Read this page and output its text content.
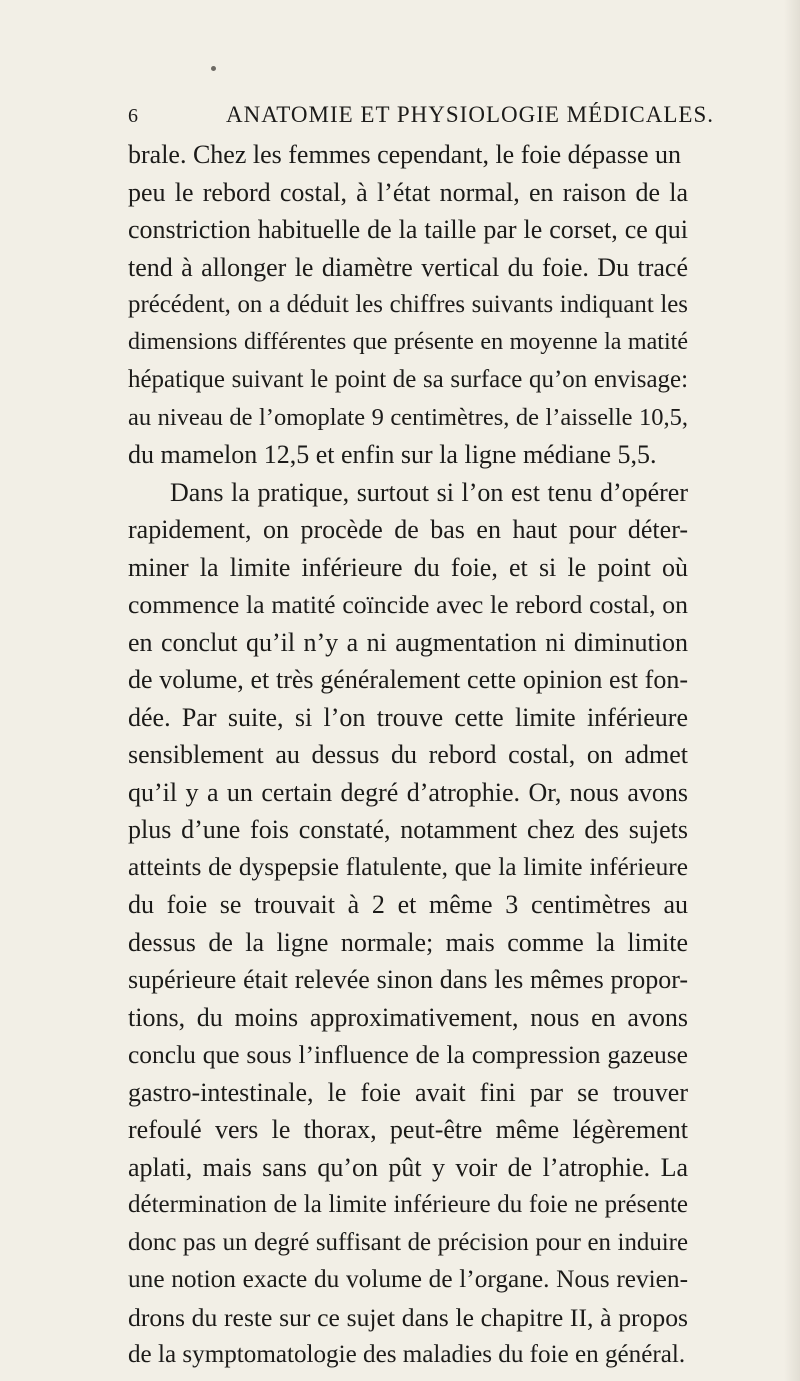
6	ANATOMIE ET PHYSIOLOGIE MÉDICALES.
brale. Chez les femmes cependant, le foie dépasse un
peu le rebord costal, à l’état normal, en raison de la
constriction habituelle de la taille par le corset, ce qui
tend à allonger le diamètre vertical du foie. Du tracé
précédent, on a déduit les chiffres suivants indiquant les
dimensions différentes que présente en moyenne la matité
hépatique suivant le point de sa surface qu’on envisage:
au niveau de l’omoplate 9 centimètres, de l’aisselle 10,5,
du mamelon 12,5 et enfin sur la ligne médiane 5,5.
Dans la pratique, surtout si l’on est tenu d’opérer
rapidement, on procède de bas en haut pour déter-
miner la limite inférieure du foie, et si le point où
commence la matité coïncide avec le rebord costal, on
en conclut qu’il n’y a ni augmentation ni diminution
de volume, et très généralement cette opinion est fon-
dée. Par suite, si l’on trouve cette limite inférieure
sensiblement au dessus du rebord costal, on admet
qu’il y a un certain degré d’atrophie. Or, nous avons
plus d’une fois constaté, notamment chez des sujets
atteints de dyspepsie flatulente, que la limite inférieure
du foie se trouvait à 2 et même 3 centimètres au
dessus de la ligne normale; mais comme la limite
supérieure était relevée sinon dans les mêmes propor-
tions, du moins approximativement, nous en avons
conclu que sous l’influence de la compression gazeuse
gastro-intestinale, le foie avait fini par se trouver
refoulé vers le thorax, peut-être même légèrement
aplati, mais sans qu’on pût y voir de l’atrophie. La
détermination de la limite inférieure du foie ne présente
donc pas un degré suffisant de précision pour en induire
une notion exacte du volume de l’organe. Nous revien-
drons du reste sur ce sujet dans le chapitre II, à propos
de la symptomatologie des maladies du foie en général.
